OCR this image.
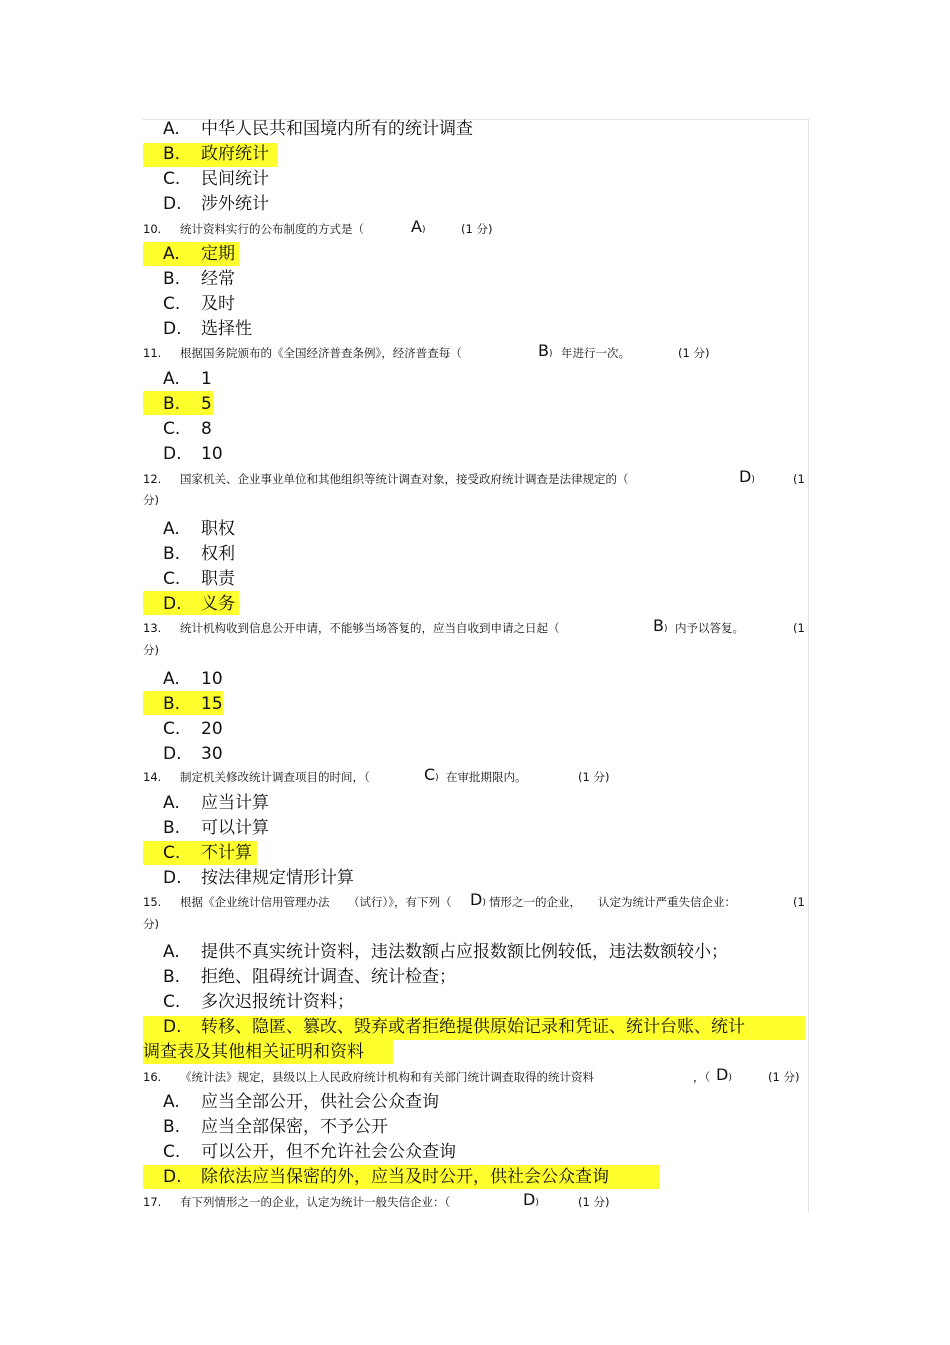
A. 中华人民共和国境内所有的统计调查
B. 政府统计
C. 民间统计
D. 涉外统计
10. 统计资料实行的公布制度的方式是（	A)	(1 分)
A. 定期
B. 经常
C. 及时
D. 选择性
11. 根据国务院颁布的《全国经济普查条例》，经济普查每（	B) 年进行一次。	(1 分)
A. 1
B. 5
C. 8
D. 10
12. 国家机关、企业事业单位和其他组织等统计调查对象，接受政府统计调查是法律规定的（	D)	(1
分)
A. 职权
B. 权利
C. 职责
D. 义务
13. 统计机构收到信息公开申请，不能够当场答复的，应当自收到申请之日起（	B) 内予以答复。	(1
分)
A. 10
B. 15
C. 20
D. 30
14. 制定机关修改统计调查项目的时间，（	C) 在审批期限内。	(1 分)
A. 应当计算
B. 可以计算
C. 不计算
D. 按法律规定情形计算
15. 根据《企业统计信用管理办法 （试行）》，有下列（ D) 情形之一的企业， 认定为统计严重失信企业：	(1
分)
A. 提供不真实统计资料，违法数额占应报数额比例较低，违法数额较小；
B. 拒绝、阻碍统计调查、统计检查；
C. 多次迟报统计资料；
D. 转移、隐匿、篡改、毁弃或者拒绝提供原始记录和凭证、统计台账、统计
调查表及其他相关证明和资料
16. 《统计法》规定，县级以上人民政府统计机构和有关部门统计调查取得的统计资料	，（ D)	(1 分)
A. 应当全部公开，供社会公众查询
B. 应当全部保密，不予公开
C. 可以公开，但不允许社会公众查询
D. 除依法应当保密的外，应当及时公开，供社会公众查询
17. 有下列情形之一的企业，认定为统计一般失信企业：（	D)	(1 分)
